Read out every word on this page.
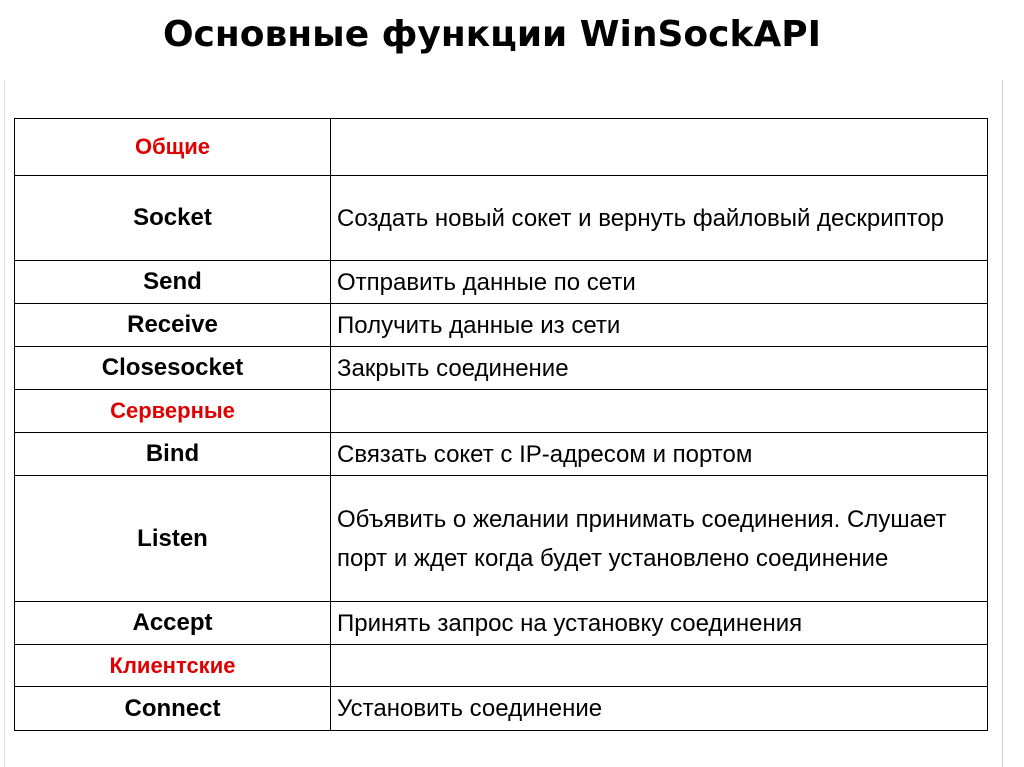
Основные функции WinSockAPI
Общие	
Socket	Создать новый сокет и вернуть файловый дескриптор
Send	Отправить данные по сети
Receive	Получить данные из сети
Closesocket	Закрыть соединение
Серверные	
Bind	Связать сокет с IP-адресом и портом
Listen	Объявить о желании принимать соединения. Слушает порт и ждет когда будет установлено соединение
Accept	Принять запрос на установку соединения
Клиентские	
Connect	Установить соединение
